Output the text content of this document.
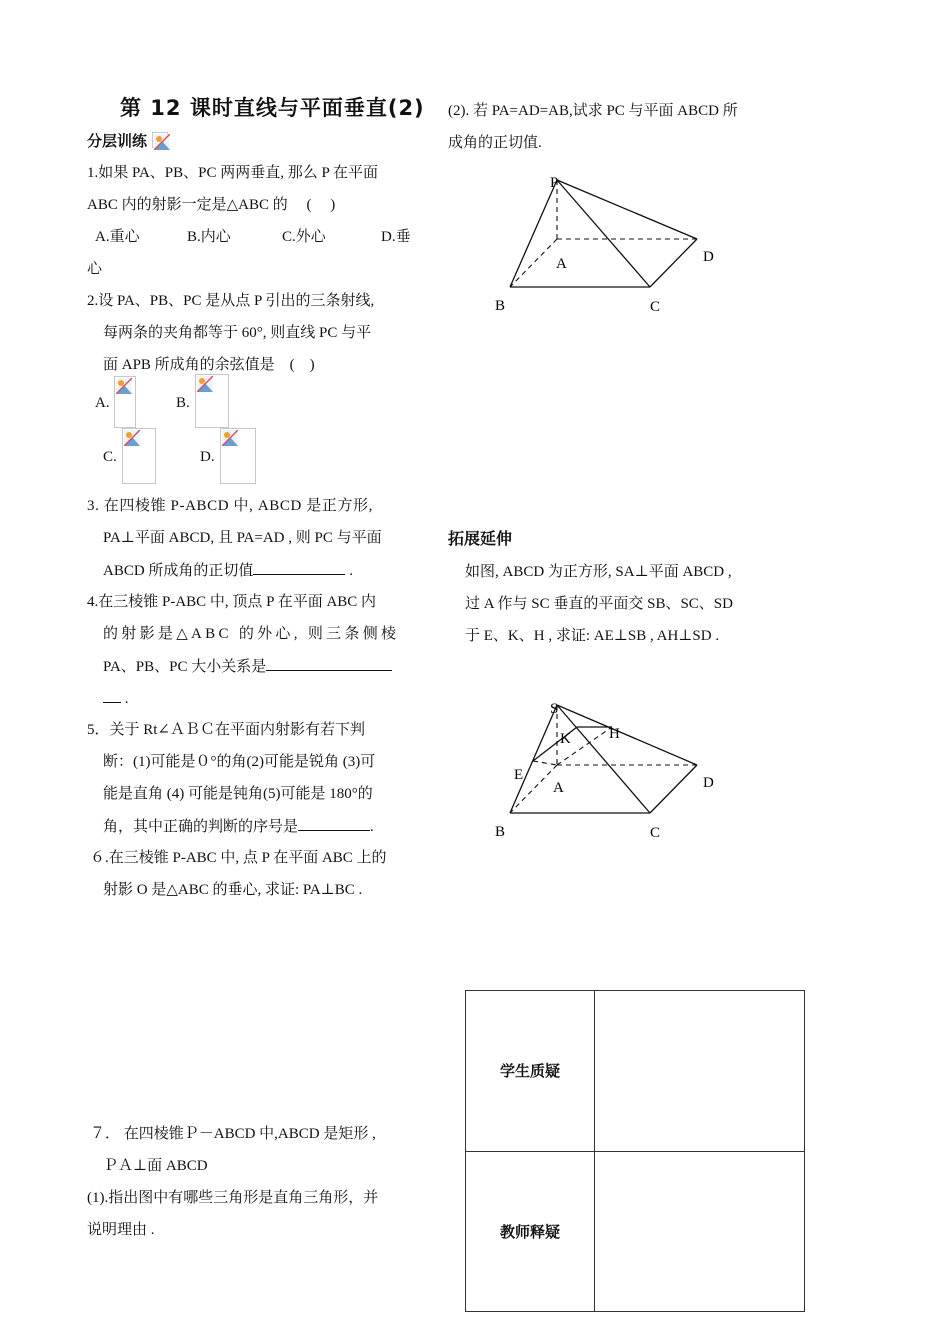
第 12 课时直线与平面垂直(2)
分层训练
1.如果 PA、PB、PC 两两垂直, 那么 P 在平面
ABC 内的射影一定是△ABC 的　 (　 )
A.重心	B.内心	C.外心	D.垂
心
2.设 PA、PB、PC 是从点 P 引出的三条射线,
每两条的夹角都等于 60°, 则直线 PC 与平
面 APB 所成角的余弦值是　(　)
A.	B.
C.	D.
3. 在四棱锥 P-ABCD 中, ABCD 是正方形,
PA⊥平面 ABCD, 且 PA=AD , 则 PC 与平面
ABCD 所成角的正切值	.
4.在三棱锥 P-ABC 中, 顶点 P 在平面 ABC 内
的射影是△ABC 的外心, 则三条侧棱
PA、PB、PC 大小关系是
.
5．关于 Rt∠ＡＢＣ在平面内射影有若下判
断：(1)可能是０°的角(2)可能是锐角 (3)可
能是直角 (4) 可能是钝角(5)可能是 180°的
角，其中正确的判断的序号是	.
６.在三棱锥 P-ABC 中, 点 P 在平面 ABC 上的
射影 O 是△ABC 的垂心, 求证: PA⊥BC .
７． 在四棱锥Ｐ－ABCD 中,ABCD 是矩形 ,
ＰＡ⊥面 ABCD
(1).指出图中有哪些三角形是直角三角形，并
说明理由 .
(2). 若 PA=AD=AB,试求 PC 与平面 ABCD 所
成角的正切值.
P
A
B	C
D
拓展延伸
如图, ABCD 为正方形, SA⊥平面 ABCD ,
过 A 作与 SC 垂直的平面交 SB、SC、SD
于 E、K、H , 求证: AE⊥SB , AH⊥SD .
S
K	H
E
A
B	C
D
学生质疑	
教师释疑	
